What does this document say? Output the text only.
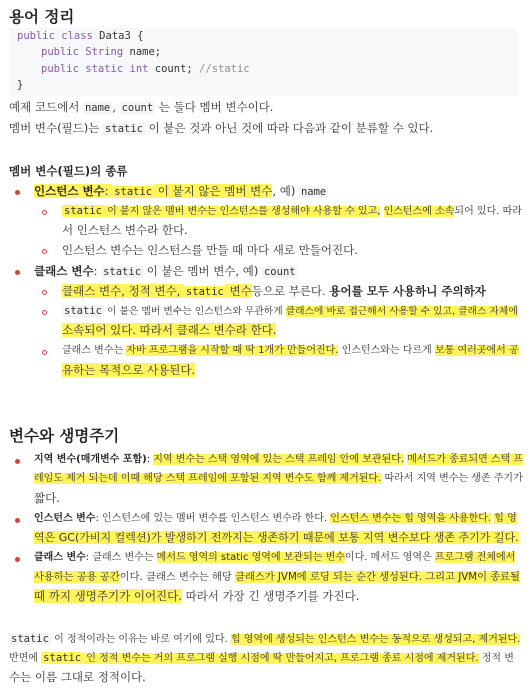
용어 정리
public class Data3 {
public String name;
public static int count; //static
}
예제 코드에서 name , count 는 둘다 멤버 변수이다.
멤버 변수(필드)는 static 이 붙은 것과 아닌 것에 따라 다음과 같이 분류할 수 있다.
멤버 변수(필드)의 종류
인스턴스 변수: static 이 붙지 않은 멤버 변수, 예) name
static 이 붙지 않은 멤버 변수는 인스턴스를 생성해야 사용할 수 있고, 인스턴스에 소속되어 있다. 따라
서 인스턴스 변수라 한다.
인스턴스 변수는 인스턴스를 만들 때 마다 새로 만들어진다.
클래스 변수: static 이 붙은 멤버 변수, 예) count
클래스 변수, 정적 변수, static 변수등으로 부른다. 용어를 모두 사용하니 주의하자
static 이 붙은 멤버 변수는 인스턴스와 무관하게 클래스에 바로 접근해서 사용할 수 있고, 클래스 자체에
소속되어 있다. 따라서 클래스 변수라 한다.
클래스 변수는 자바 프로그램을 시작할 때 딱 1개가 만들어진다. 인스턴스와는 다르게 보통 여러곳에서 공
유하는 목적으로 사용된다.
변수와 생명주기
지역 변수(매개변수 포함): 지역 변수는 스택 영역에 있는 스택 프레임 안에 보관된다. 메서드가 종료되면 스택 프
레임도 제거 되는데 이때 해당 스택 프레임에 포함된 지역 변수도 함께 제거된다. 따라서 지역 변수는 생존 주기가
짧다.
인스턴스 변수: 인스턴스에 있는 멤버 변수를 인스턴스 변수라 한다. 인스턴스 변수는 힙 영역을 사용한다. 힙 영
역은 GC(가비지 컬렉션)가 발생하기 전까지는 생존하기 때문에 보통 지역 변수보다 생존 주기가 길다.
클래스 변수: 클래스 변수는 메서드 영역의 static 영역에 보관되는 변수이다. 메서드 영역은 프로그램 전체에서
사용하는 공용 공간이다. 클래스 변수는 해당 클래스가 JVM에 로딩 되는 순간 생성된다. 그리고 JVM이 종료될
때 까지 생명주기가 이어진다. 따라서 가장 긴 생명주기를 가진다.
static 이 정적이라는 이유는 바로 여기에 있다. 힙 영역에 생성되는 인스턴스 변수는 동적으로 생성되고, 제거된다.
반면에 static 인 정적 변수는 거의 프로그램 실행 시점에 딱 만들어지고, 프로그램 종료 시점에 제거된다. 정적 변
수는 이름 그대로 정적이다.
